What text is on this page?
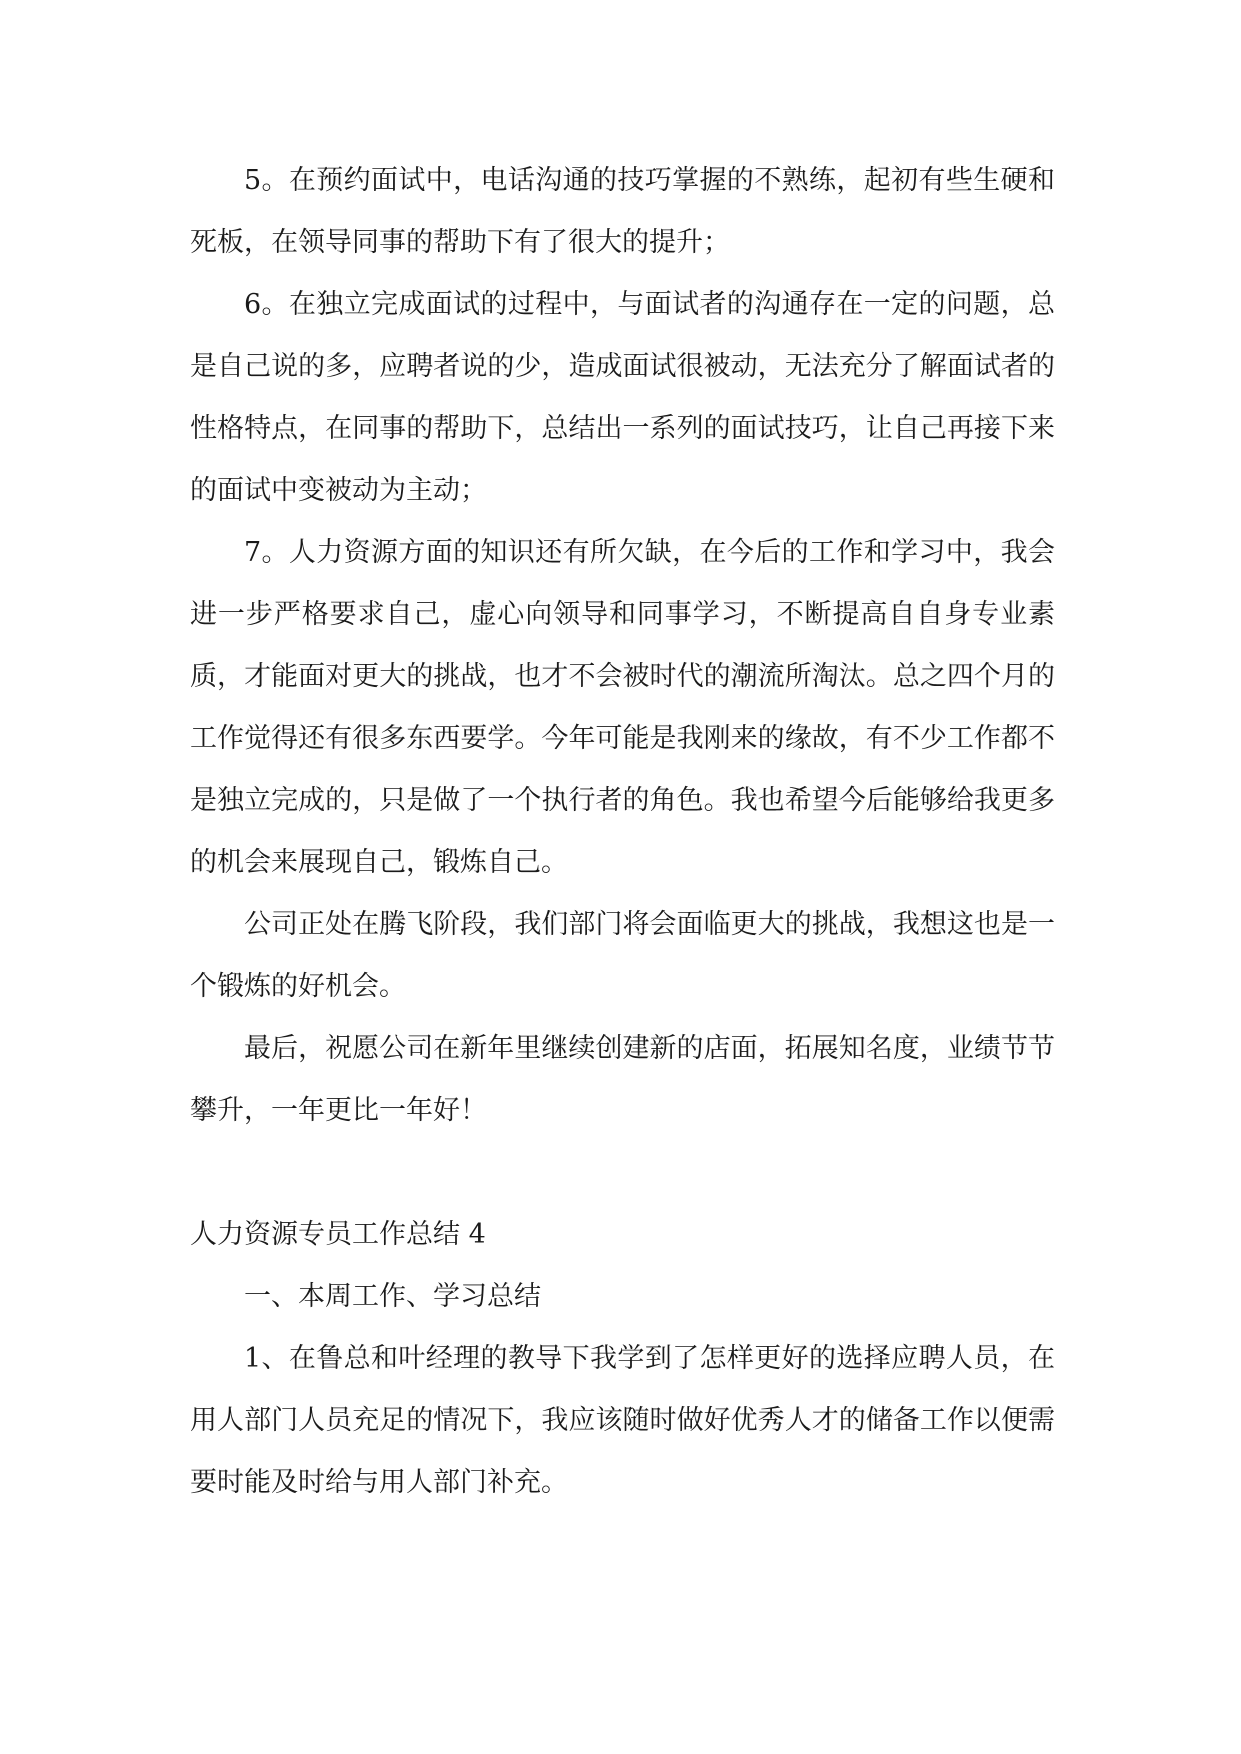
5。在预约面试中，电话沟通的技巧掌握的不熟练，起初有些生硬和死板，在领导同事的帮助下有了很大的提升；

6。在独立完成面试的过程中，与面试者的沟通存在一定的问题，总是自己说的多，应聘者说的少，造成面试很被动，无法充分了解面试者的性格特点，在同事的帮助下，总结出一系列的面试技巧，让自己再接下来的面试中变被动为主动；

7。人力资源方面的知识还有所欠缺，在今后的工作和学习中，我会进一步严格要求自己，虚心向领导和同事学习，不断提高自自身专业素质，才能面对更大的挑战，也才不会被时代的潮流所淘汰。总之四个月的工作觉得还有很多东西要学。今年可能是我刚来的缘故，有不少工作都不是独立完成的，只是做了一个执行者的角色。我也希望今后能够给我更多的机会来展现自己，锻炼自己。

公司正处在腾飞阶段，我们部门将会面临更大的挑战，我想这也是一个锻炼的好机会。

最后，祝愿公司在新年里继续创建新的店面，拓展知名度，业绩节节攀升，一年更比一年好！

人力资源专员工作总结 4

一、本周工作、学习总结

1、在鲁总和叶经理的教导下我学到了怎样更好的选择应聘人员，在用人部门人员充足的情况下，我应该随时做好优秀人才的储备工作以便需要时能及时给与用人部门补充。
